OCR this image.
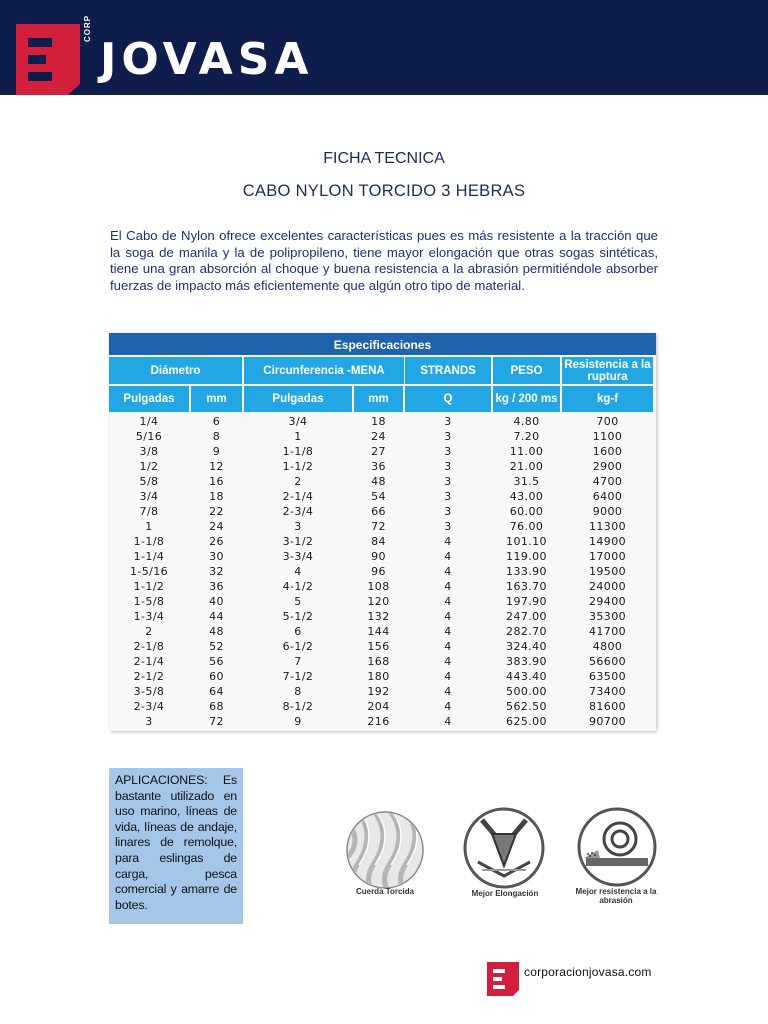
CORP
JOVASA
FICHA TECNICA
CABO NYLON TORCIDO 3 HEBRAS
El Cabo de Nylon ofrece excelentes características pues es más resistente a la tracción que la soga de manila y la de polipropileno, tiene mayor elongación que otras sogas sintéticas, tiene una gran absorción al choque y buena resistencia a la abrasión permitiéndole absorber fuerzas de impacto más eficientemente que algún otro tipo de material.
Especificaciones
Diámetro	Circunferencia -MENA	STRANDS	PESO	Resistencia a la ruptura
Pulgadas	mm	Pulgadas	mm	Q	kg / 200 ms	kg-f
1/4	6	3/4	18	3	4.80	700
5/16	8	1	24	3	7.20	1100
3/8	9	1-1/8	27	3	11.00	1600
1/2	12	1-1/2	36	3	21.00	2900
5/8	16	2	48	3	31.5	4700
3/4	18	2-1/4	54	3	43.00	6400
7/8	22	2-3/4	66	3	60.00	9000
1	24	3	72	3	76.00	11300
1-1/8	26	3-1/2	84	4	101.10	14900
1-1/4	30	3-3/4	90	4	119.00	17000
1-5/16	32	4	96	4	133.90	19500
1-1/2	36	4-1/2	108	4	163.70	24000
1-5/8	40	5	120	4	197.90	29400
1-3/4	44	5-1/2	132	4	247.00	35300
2	48	6	144	4	282.70	41700
2-1/8	52	6-1/2	156	4	324.40	4800
2-1/4	56	7	168	4	383.90	56600
2-1/2	60	7-1/2	180	4	443.40	63500
3-5/8	64	8	192	4	500.00	73400
2-3/4	68	8-1/2	204	4	562.50	81600
3	72	9	216	4	625.00	90700
APLICACIONES: Es bastante utilizado en uso marino, líneas de vida, líneas de andaje, linares de remolque, para eslingas de carga, pesca comercial y amarre de botes.
Cuerda Torcida	Mejor Elongación	Mejor resistencia a la abrasión
corporacionjovasa.com
